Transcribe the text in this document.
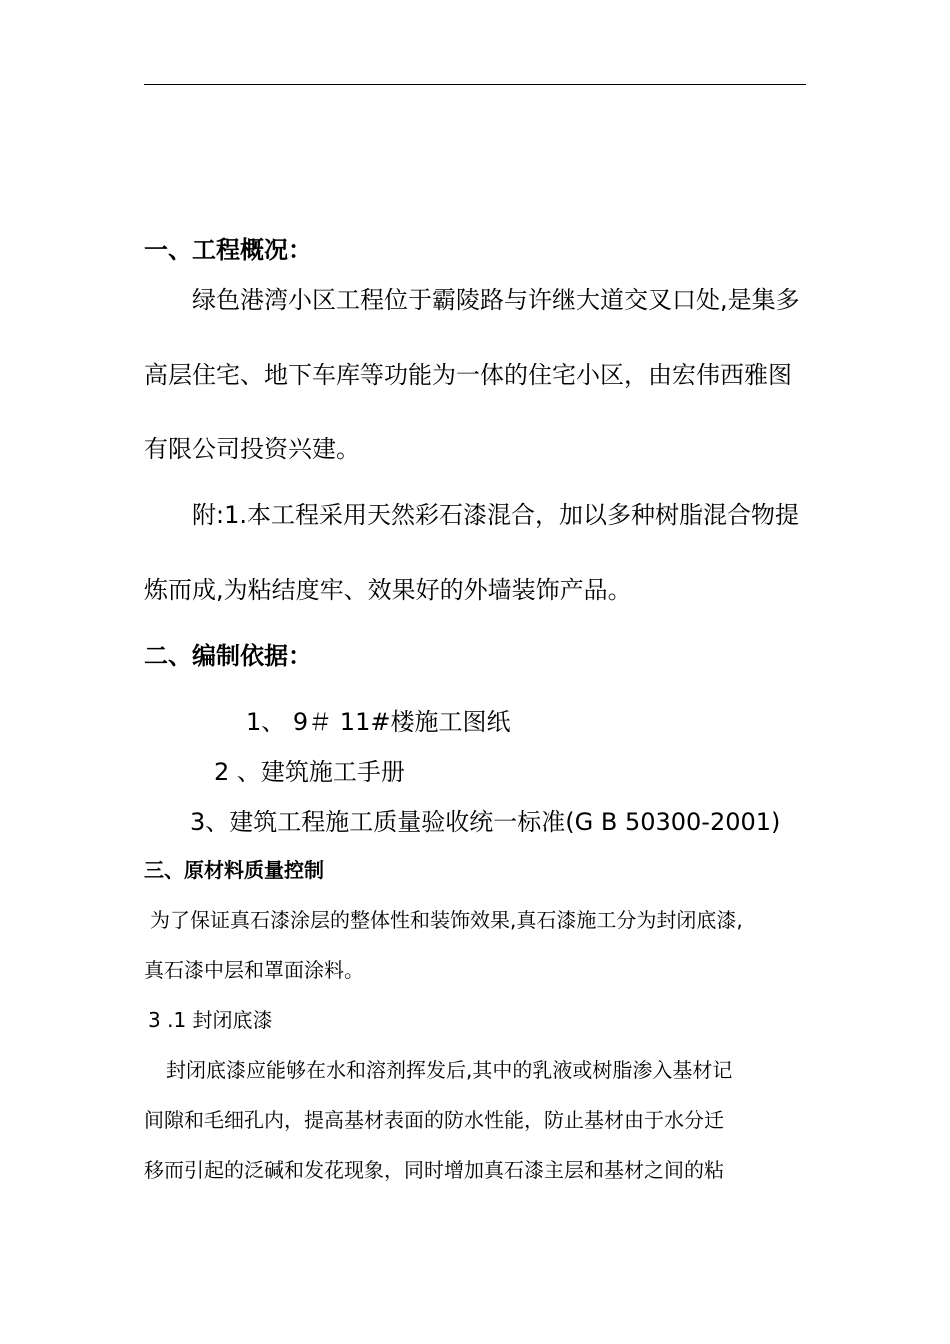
一、工程概况：
绿色港湾小区工程位于霸陵路与许继大道交叉口处,是集多
高层住宅、地下车库等功能为一体的住宅小区，由宏伟西雅图
有限公司投资兴建。
附:1.本工程采用天然彩石漆混合，加以多种树脂混合物提
炼而成,为粘结度牢、效果好的外墙装饰产品。
二、编制依据：
1、 9＃ 11#楼施工图纸
2 、建筑施工手册
3、建筑工程施工质量验收统一标准(G B 50300-2001)
三、原材料质量控制
为了保证真石漆涂层的整体性和装饰效果,真石漆施工分为封闭底漆,
真石漆中层和罩面涂料。
3 .1 封闭底漆
封闭底漆应能够在水和溶剂挥发后,其中的乳液或树脂渗入基材记
间隙和毛细孔内，提高基材表面的防水性能，防止基材由于水分迁
移而引起的泛碱和发花现象，同时增加真石漆主层和基材之间的粘
